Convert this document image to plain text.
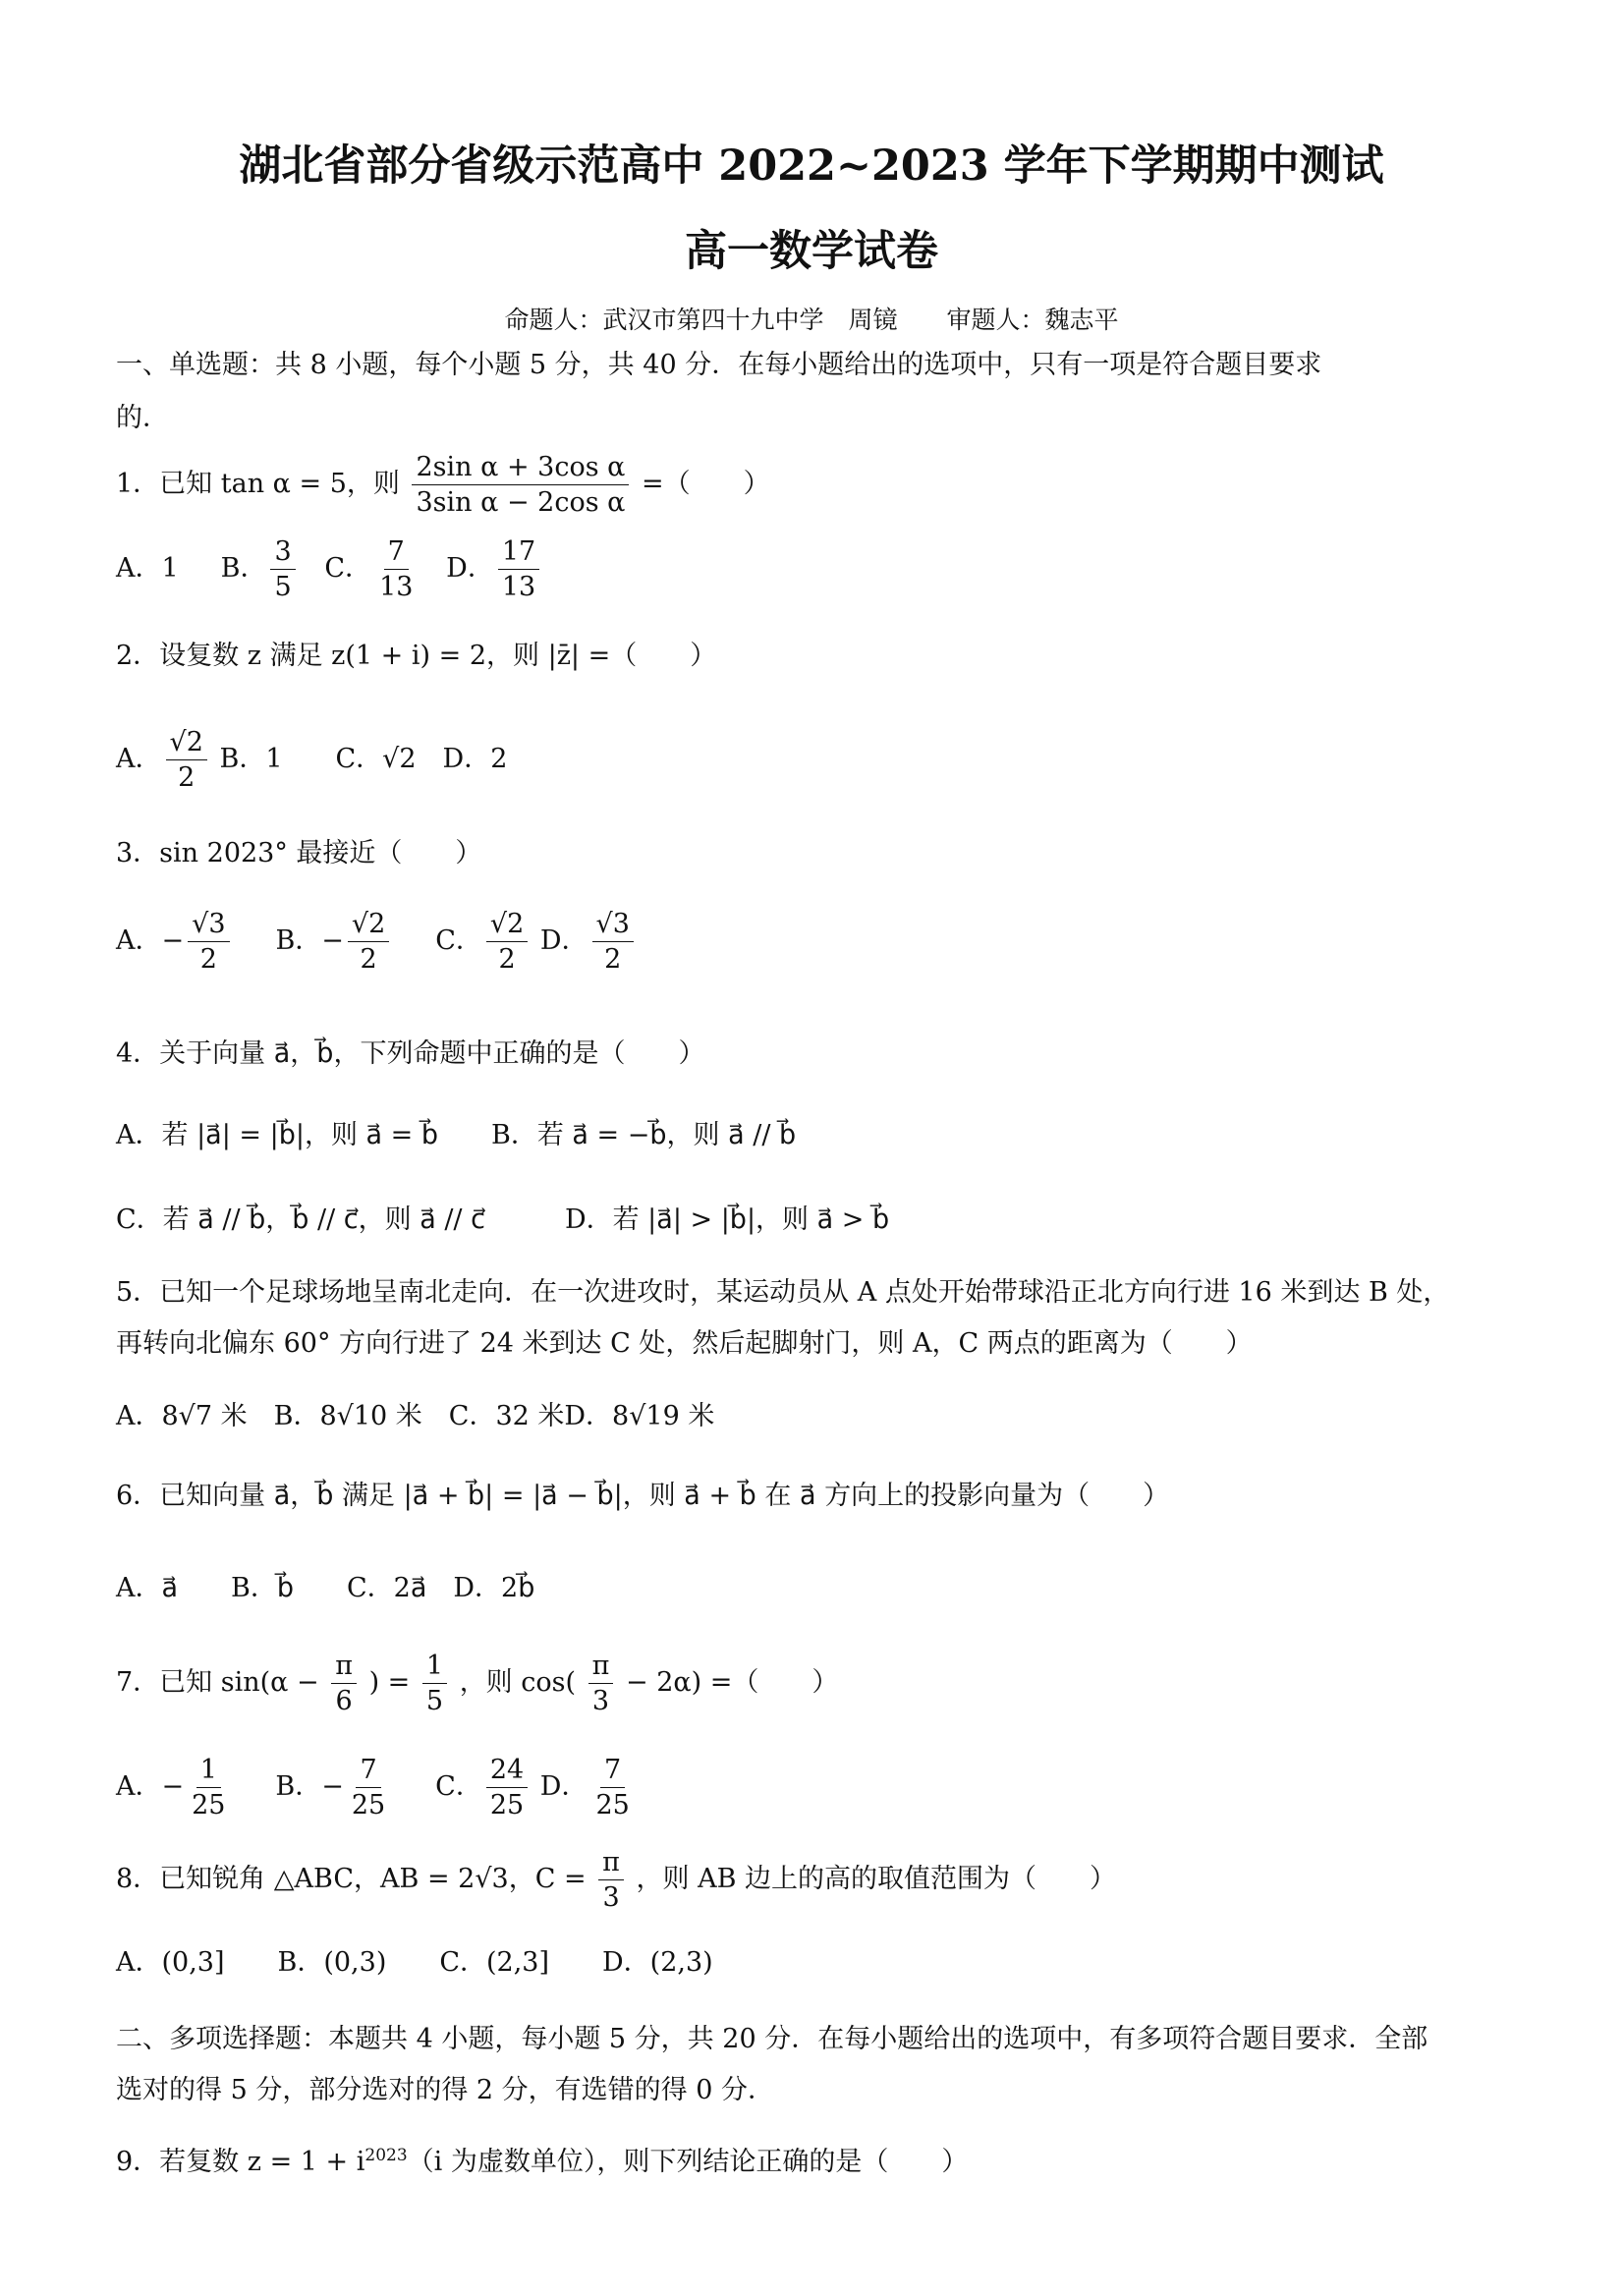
湖北省部分省级示范高中 2022~2023 学年下学期期中测试
高一数学试卷
命题人：武汉市第四十九中学　周镜　　审题人：魏志平
一、单选题：共 8 小题，每个小题 5 分，共 40 分．在每小题给出的选项中，只有一项是符合题目要求
的．
1．已知 tan α = 5，则 $\frac{\text{2sin α + 3cos α}}{\text{3sin α − 2cos α}}$ =（　　）
A．1 B． $\frac{3}{5}$ C． $\frac{7}{13}$ D． $\frac{17}{13}$
2．设复数 z 满足 z(1 + i) = 2，则 |z̄| =（　　）
A． $\frac{√2}{2}$ B．1　　C．√2　D．2
3．sin 2023° 最接近（　　）
A．− $\frac{√3}{2}$ B．− $\frac{√2}{2}$ C． $\frac{√2}{2}$ D． $\frac{√3}{2}$
4．关于向量 a⃗，b⃗，下列命题中正确的是（　　）
A．若 |a⃗| = |b⃗|，则 a⃗ = b⃗　　B．若 a⃗ = −b⃗，则 a⃗ // b⃗
C．若 a⃗ // b⃗，b⃗ // c⃗，则 a⃗ // c⃗　　　D．若 |a⃗| > |b⃗|，则 a⃗ > b⃗
5．已知一个足球场地呈南北走向．在一次进攻时，某运动员从 A 点处开始带球沿正北方向行进 16 米到达 B 处，
再转向北偏东 60° 方向行进了 24 米到达 C 处，然后起脚射门，则 A，C 两点的距离为（　　）
A．8√7 米　B．8√10 米　C．32 米D．8√19 米
6．已知向量 a⃗，b⃗ 满足 |a⃗ + b⃗| = |a⃗ − b⃗|，则 a⃗ + b⃗ 在 a⃗ 方向上的投影向量为（　　）
A．a⃗　　B．b⃗　　C．2a⃗　D．2b⃗
7．已知 $\sin(\alpha - \frac{\pi}{6}$ ) = $\frac{1}{5}$ ，则 $\cos( \frac{\pi}{3} - 2\alpha)$ =（　　）
A．− $\frac{1}{25}$ B．− $\frac{7}{25}$ C． $\frac{24}{25}$ D． $\frac{7}{25}$
8．已知锐角 △ABC，AB = 2√3，$C = \frac{\pi}{3}$ ，则 AB 边上的高的取值范围为（　　）
A．(0,3]　　B．(0,3)　　C．(2,3]　　D．(2,3)
二、多项选择题：本题共 4 小题，每小题 5 分，共 20 分．在每小题给出的选项中，有多项符合题目要求．全部
选对的得 5 分，部分选对的得 2 分，有选错的得 0 分．
9．若复数 $z = 1 + i^{2023}(i$ 为虚数单位），则下列结论正确的是（　　）
